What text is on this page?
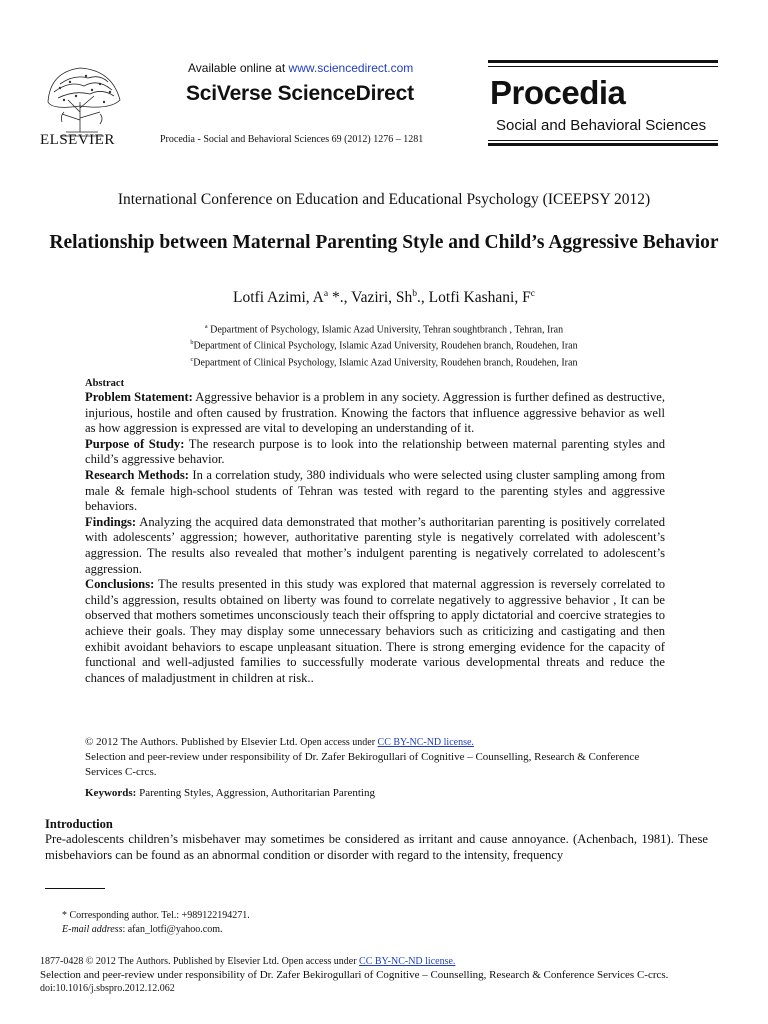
ELSEVIER
Available online at www.sciencedirect.com
SciVerse ScienceDirect
Procedia - Social and Behavioral Sciences 69 (2012) 1276 – 1281
Procedia
Social and Behavioral Sciences
International Conference on Education and Educational Psychology (ICEEPSY 2012)
Relationship between Maternal Parenting Style and Child’s Aggressive Behavior
Lotfi Azimi, $A^a$ *., Vaziri, Sh$^b$., Lotfi Kashani, $F^c$
$^a$ Department of Psychology, Islamic Azad University, Tehran soughtbranch , Tehran, Iran
$^b$Department of Clinical Psychology, Islamic Azad University, Roudehen branch, Roudehen, Iran
$^c$Department of Clinical Psychology, Islamic Azad University, Roudehen branch, Roudehen, Iran
Abstract
Problem Statement: Aggressive behavior is a problem in any society. Aggression is further defined as destructive, injurious, hostile and often caused by frustration. Knowing the factors that influence aggressive behavior as well as how aggression is expressed are vital to developing an understanding of it.
Purpose of Study: The research purpose is to look into the relationship between maternal parenting styles and child’s aggressive behavior.
Research Methods: In a correlation study, 380 individuals who were selected using cluster sampling among from male & female high-school students of Tehran was tested with regard to the parenting styles and aggressive behaviors.
Findings: Analyzing the acquired data demonstrated that mother’s authoritarian parenting is positively correlated with adolescents’ aggression; however, authoritative parenting style is negatively correlated with adolescent’s aggression. The results also revealed that mother’s indulgent parenting is negatively correlated to adolescent’s aggression.
Conclusions: The results presented in this study was explored that maternal aggression is reversely correlated to child’s aggression, results obtained on liberty was found to correlate negatively to aggressive behavior , It can be observed that mothers sometimes unconsciously teach their offspring to apply dictatorial and coercive strategies to achieve their goals. They may display some unnecessary behaviors such as criticizing and castigating and then exhibit avoidant behaviors to escape unpleasant situation. There is strong emerging evidence for the capacity of functional and well-adjusted families to successfully moderate various developmental threats and reduce the chances of maladjustment in children at risk..
© 2012 The Authors. Published by Elsevier Ltd. Open access under CC BY-NC-ND license.
Selection and peer-review under responsibility of Dr. Zafer Bekirogullari of Cognitive – Counselling, Research & Conference Services C-crcs.
Keywords: Parenting Styles, Aggression, Authoritarian Parenting
Introduction
Pre-adolescents children’s misbehaver may sometimes be considered as irritant and cause annoyance. (Achenbach, 1981). These misbehaviors can be found as an abnormal condition or disorder with regard to the intensity, frequency
* Corresponding author. Tel.: +989122194271.
E-mail address: afan_lotfi@yahoo.com.
1877-0428 © 2012 The Authors. Published by Elsevier Ltd. Open access under CC BY-NC-ND license.
Selection and peer-review under responsibility of Dr. Zafer Bekirogullari of Cognitive – Counselling, Research & Conference Services C-crcs.
doi:10.1016/j.sbspro.2012.12.062
